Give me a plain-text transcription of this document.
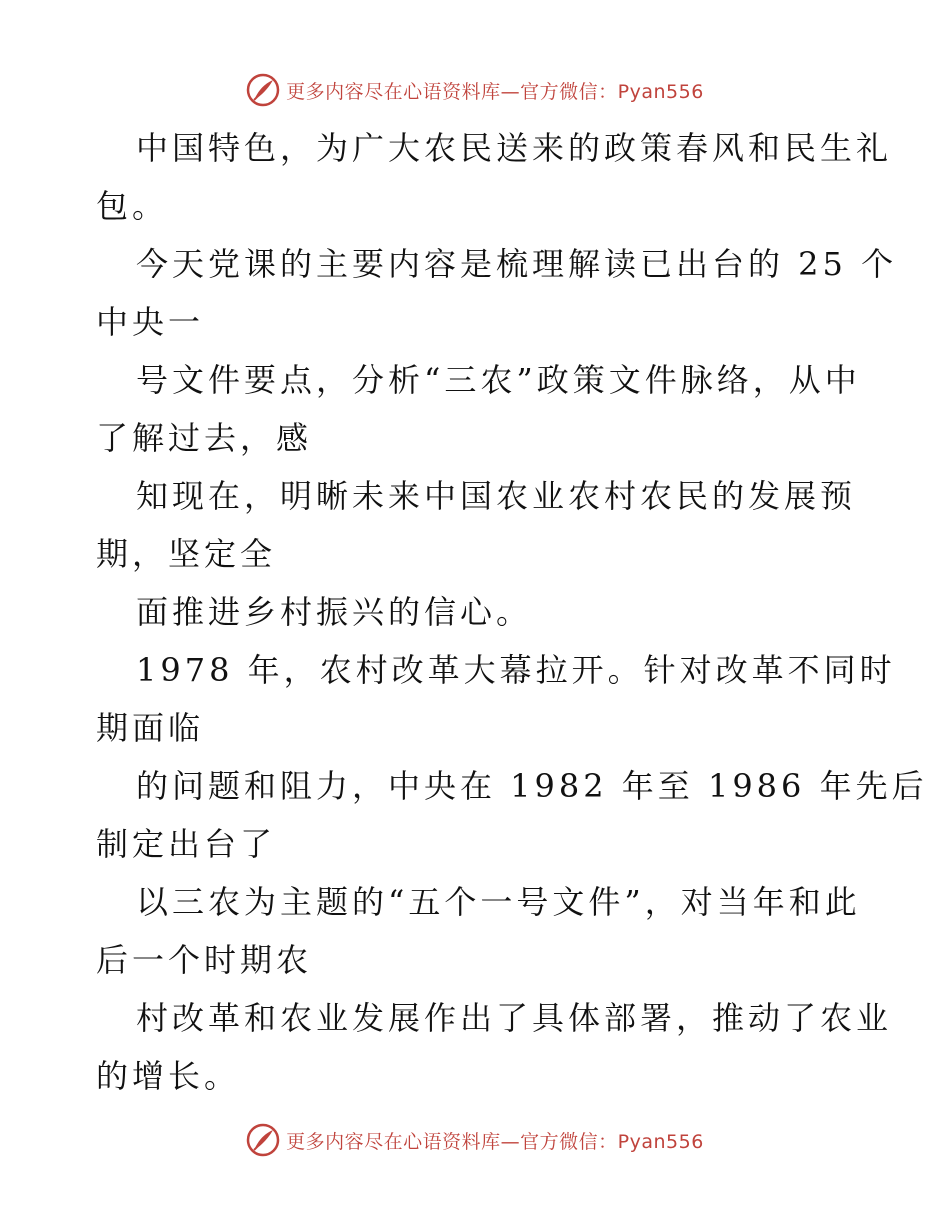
更多内容尽在心语资料库—官方微信：Pyan556
中国特色，为广大农民送来的政策春风和民生礼
包。
今天党课的主要内容是梳理解读已出台的 25 个
中央一
号文件要点，分析“三农”政策文件脉络，从中
了解过去，感
知现在，明晰未来中国农业农村农民的发展预
期，坚定全
面推进乡村振兴的信心。
1978 年，农村改革大幕拉开。针对改革不同时
期面临
的问题和阻力，中央在 1982 年至 1986 年先后
制定出台了
以三农为主题的“五个一号文件”，对当年和此
后一个时期农
村改革和农业发展作出了具体部署，推动了农业
的增长。
更多内容尽在心语资料库—官方微信：Pyan556
